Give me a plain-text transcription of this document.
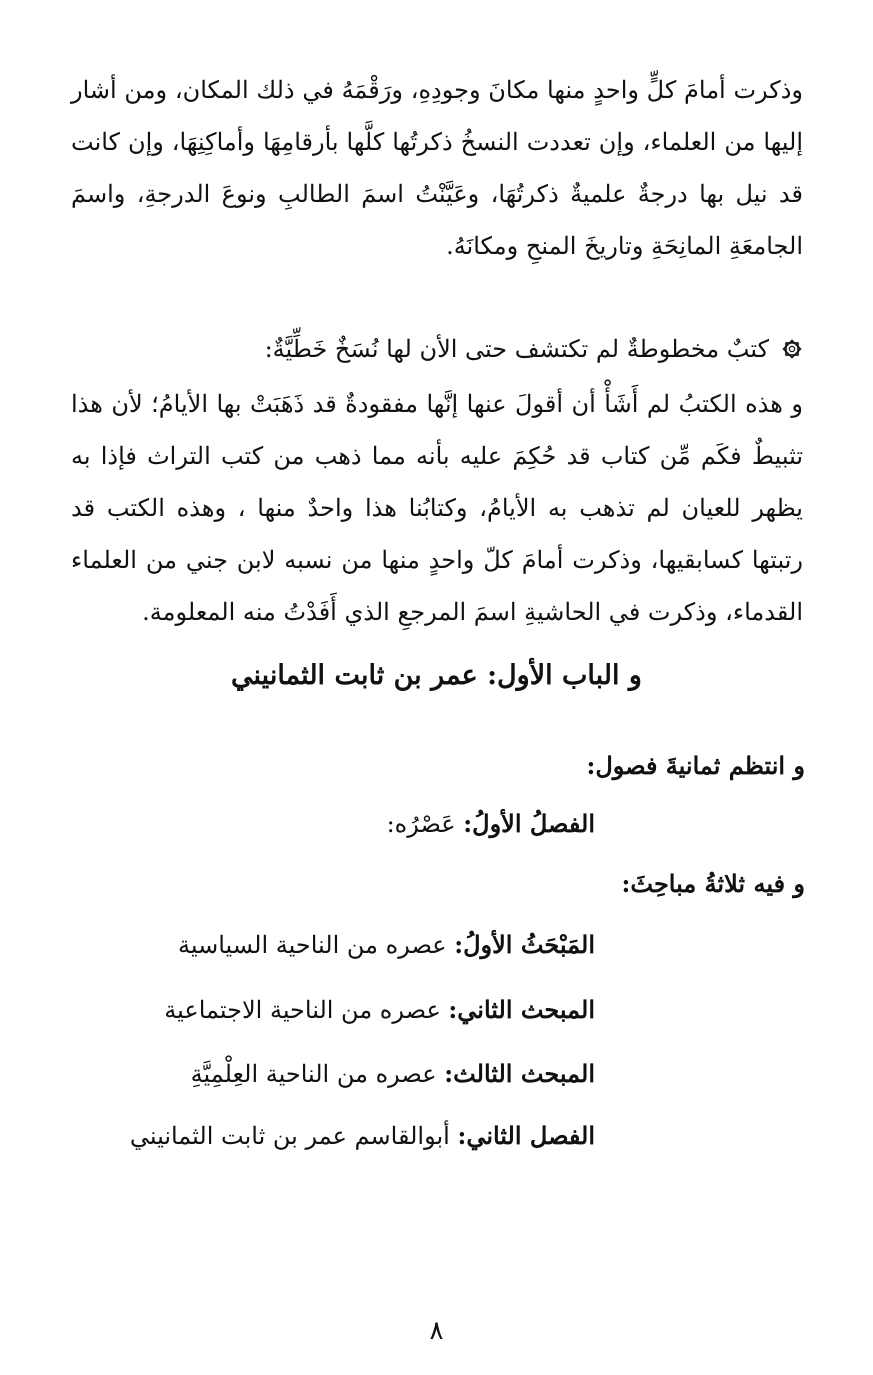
وذكرت أمامَ كلٍّ واحدٍ منها مكانَ وجودِهِ، ورَقْمَهُ في ذلك المكان، ومن أشار إليها من العلماء، وإن تعددت النسخُ ذكرتُها كلَّها بأرقامِهَا وأماكِنِهَا، وإن كانت قد نيل بها درجةٌ علميةٌ ذكرتُهَا، وعَيَّنْتُ اسمَ الطالبِ ونوعَ الدرجةِ، واسمَ الجامعَةِ المانِحَةِ وتاريخَ المنحِ ومكانَهُ.

كتبٌ مخطوطةٌ لم تكتشف حتى الأن لها نُسَخٌ خَطِّيَّةٌ:

و هذه الكتبُ لم أَشَأْ أن أقولَ عنها إنَّها مفقودةٌ قد ذَهَبَتْ بها الأيامُ؛ لأن هذا تثبيطٌ فكَم مِّن كتاب قد حُكِمَ عليه بأنه مما ذهب من كتب التراث فإذا به يظهر للعيان لم تذهب به الأيامُ، وكتابُنا هذا واحدٌ منها ، وهذه الكتب قد رتبتها كسابقيها، وذكرت أمامَ كلّ واحدٍ منها من نسبه لابن جني من العلماء القدماء، وذكرت في الحاشيةِ اسمَ المرجعِ الذي أَفَدْتُ منه المعلومة.

و الباب الأول: عمر بن ثابت الثمانيني
و انتظم ثمانيةَ فصول:
الفصلُ الأولُ: عَصْرُه:
و فيه ثلاثةُ مباحِثَ:
المَبْحَثُ الأولُ: عصره من الناحية السياسية
المبحث الثاني: عصره من الناحية الاجتماعية
المبحث الثالث: عصره من الناحية العِلْمِيَّةِ
الفصل الثاني: أبوالقاسم عمر بن ثابت الثمانيني
٨
